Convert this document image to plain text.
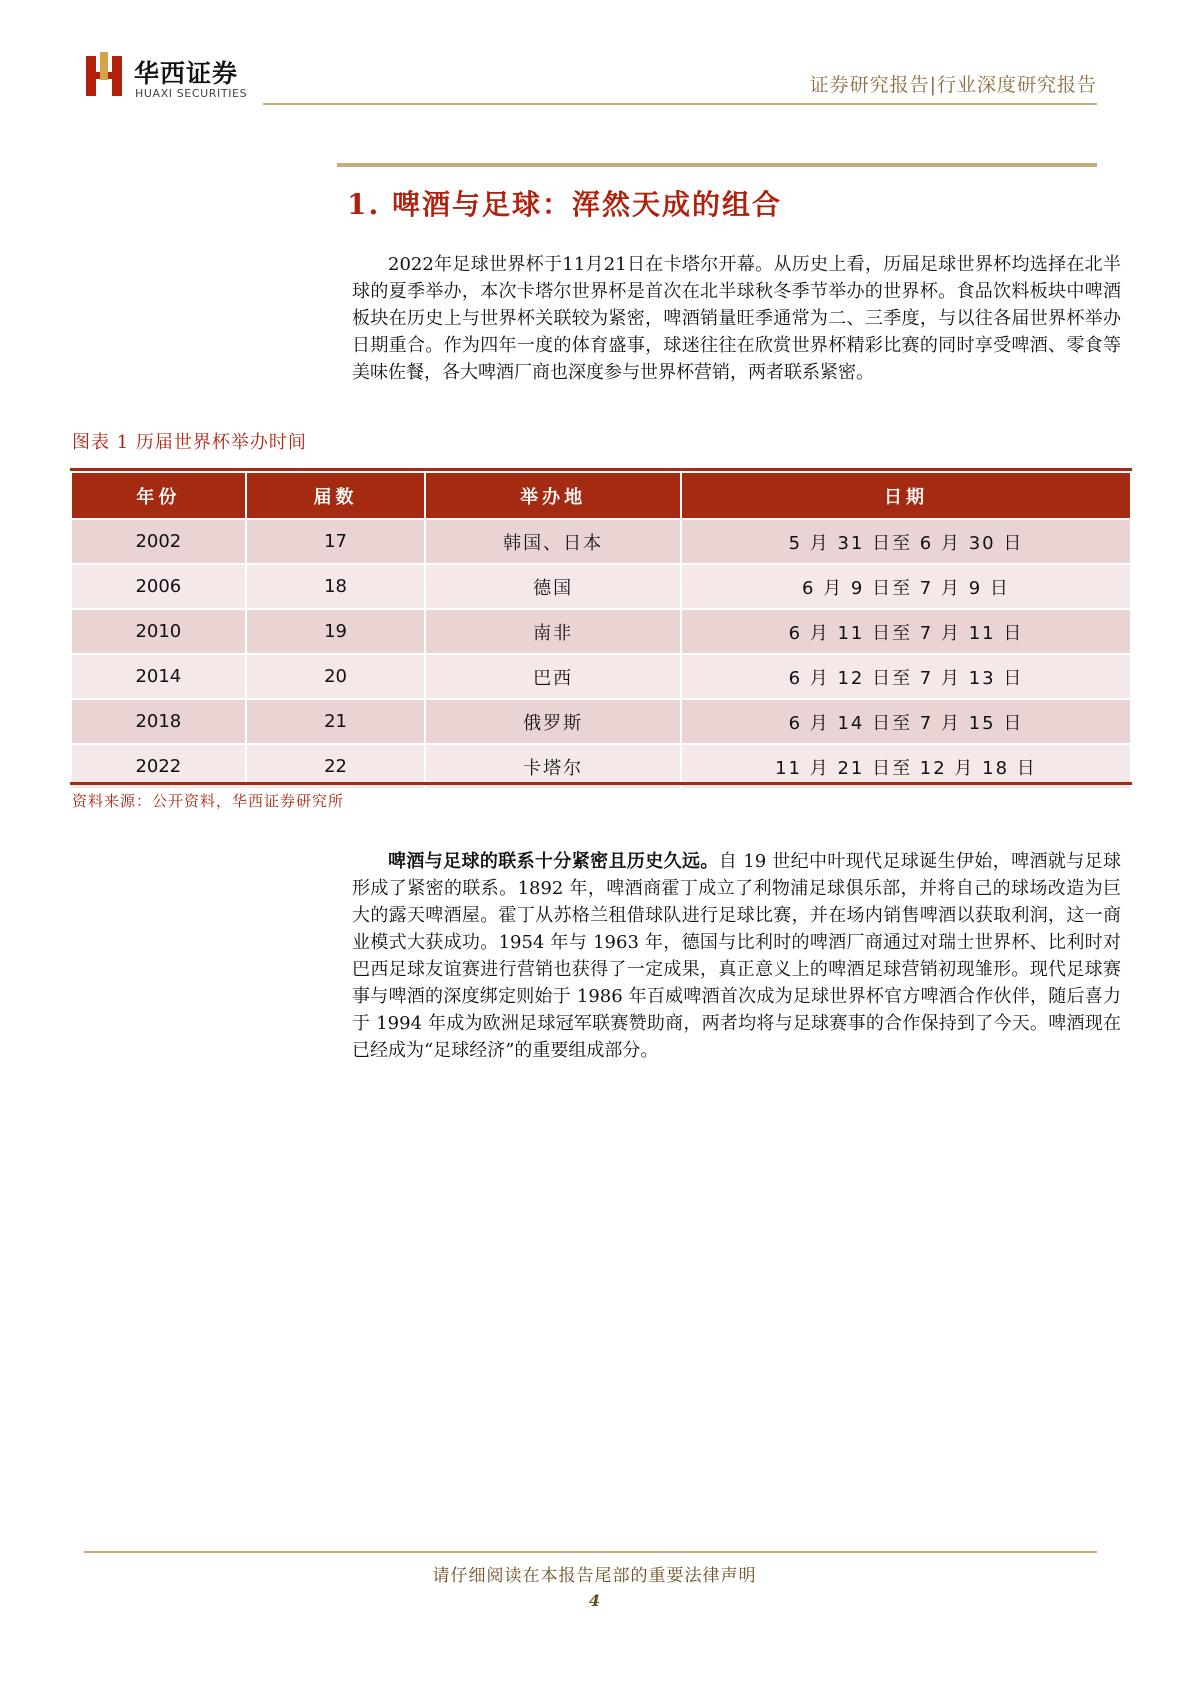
华西证券
HUAXI SECURITIES	证券研究报告|行业深度研究报告
1. 啤酒与足球：浑然天成的组合

2022年足球世界杯于11月21日在卡塔尔开幕。从历史上看，历届足球世界杯均选择在北半球的夏季举办，本次卡塔尔世界杯是首次在北半球秋冬季节举办的世界杯。食品饮料板块中啤酒板块在历史上与世界杯关联较为紧密，啤酒销量旺季通常为二、三季度，与以往各届世界杯举办日期重合。作为四年一度的体育盛事，球迷往往在欣赏世界杯精彩比赛的同时享受啤酒、零食等美味佐餐，各大啤酒厂商也深度参与世界杯营销，两者联系紧密。

图表 1 历届世界杯举办时间
年份	届数	举办地	日期
2002	17	韩国、日本	5 月 31 日至 6 月 30 日
2006	18	德国	6 月 9 日至 7 月 9 日
2010	19	南非	6 月 11 日至 7 月 11 日
2014	20	巴西	6 月 12 日至 7 月 13 日
2018	21	俄罗斯	6 月 14 日至 7 月 15 日
2022	22	卡塔尔	11 月 21 日至 12 月 18 日
资料来源：公开资料，华西证券研究所

啤酒与足球的联系十分紧密且历史久远。自 19 世纪中叶现代足球诞生伊始，啤酒就与足球形成了紧密的联系。1892 年，啤酒商霍丁成立了利物浦足球俱乐部，并将自己的球场改造为巨大的露天啤酒屋。霍丁从苏格兰租借球队进行足球比赛，并在场内销售啤酒以获取利润，这一商业模式大获成功。1954 年与 1963 年，德国与比利时的啤酒厂商通过对瑞士世界杯、比利时对巴西足球友谊赛进行营销也获得了一定成果，真正意义上的啤酒足球营销初现雏形。现代足球赛事与啤酒的深度绑定则始于 1986 年百威啤酒首次成为足球世界杯官方啤酒合作伙伴，随后喜力于 1994 年成为欧洲足球冠军联赛赞助商，两者均将与足球赛事的合作保持到了今天。啤酒现在已经成为“足球经济”的重要组成部分。

请仔细阅读在本报告尾部的重要法律声明
4
